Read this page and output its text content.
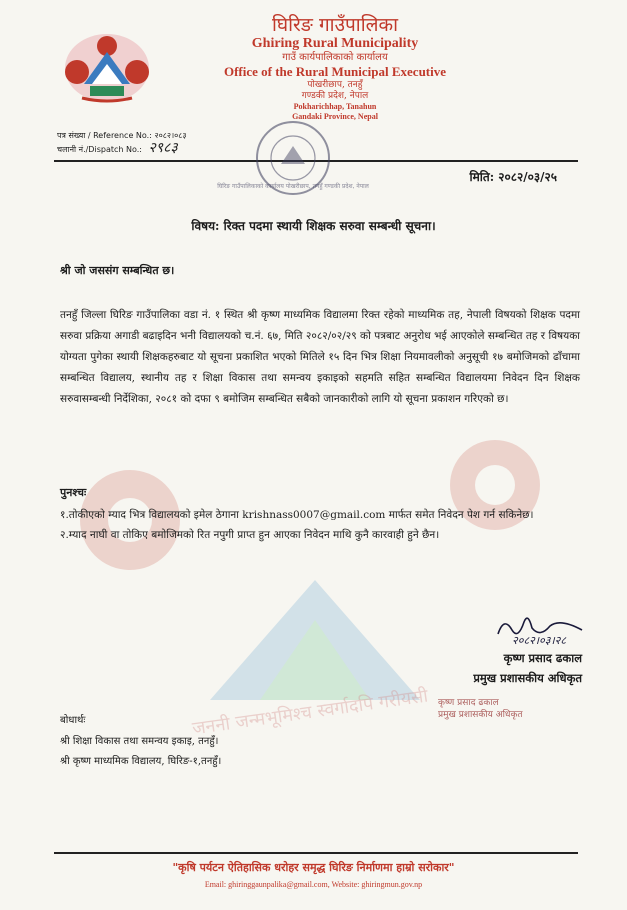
घिरिङ गाउँपालिका
Ghiring Rural Municipality
गाउँ कार्यपालिकाको कार्यालय
Office of the Rural Municipal Executive
पोखरीछाप, तनहुँ
गण्डकी प्रदेश, नेपाल
Pokharichhap, Tanahun
Gandaki Province, Nepal
पत्र संख्या / Reference No.: २०८२।०८३
चलानी नं./Dispatch No.: २९८३
घिरिङ गाउँपालिकाको कार्यालय पोखरीछाप, तनहुँ गण्डकी प्रदेश, नेपाल
मिति: २०८२/०३/२५
विषय: रिक्त पदमा स्थायी शिक्षक सरुवा सम्बन्धी सूचना।
श्री जो जससंग सम्बन्धित छ।
तनहुँ जिल्ला घिरिङ गाउँपालिका वडा नं. १ स्थित श्री कृष्ण माध्यमिक विद्यालमा रिक्त रहेको माध्यमिक तह, नेपाली विषयको शिक्षक पदमा सरुवा प्रक्रिया अगाडी बढाइदिन भनी विद्यालयको च.नं. ६७, मिति २०८२/०२/२९ को पत्रबाट अनुरोध भई आएकोले सम्बन्धित तह र विषयका योग्यता पुगेका स्थायी शिक्षकहरुबाट यो सूचना प्रकाशित भएको मितिले १५ दिन भित्र शिक्षा नियमावलीको अनुसूची १७ बमोजिमको ढाँचामा सम्बन्धित विद्यालय, स्थानीय तह र शिक्षा विकास तथा समन्वय इकाइको सहमति सहित सम्बन्धित विद्यालयमा निवेदन दिन शिक्षक सरुवासम्बन्धी निर्देशिका, २०८१ को दफा ९ बमोजिम सम्बन्धित सबैको जानकारीको लागि यो सूचना प्रकाशन गरिएको छ।
पुनश्चः
१.तोकीएको म्याद भित्र विद्यालयको इमेल ठेगाना krishnass0007@gmail.com मार्फत समेत निवेदन पेश गर्न सकिनेछ।
२.म्याद नाघी वा तोकिए बमोजिमको रित नपुगी प्राप्त हुन आएका निवेदन माथि कुनै कारवाही हुने छैन।
जननी जन्मभूमिश्च स्वर्गादपि गरीयसी
२०८२।०३।२८
कृष्ण प्रसाद ढकाल
प्रमुख प्रशासकीय अधिकृत
कृष्ण प्रसाद ढकाल
प्रमुख प्रशासकीय अधिकृत
बोधार्थः
श्री शिक्षा विकास तथा समन्वय इकाइ, तनहुँ।
श्री कृष्ण माध्यमिक विद्यालय, घिरिङ-१,तनहुँ।
"कृषि पर्यटन ऐतिहासिक धरोहर समृद्ध घिरिङ निर्माणमा हाम्रो सरोकार"
Email: ghiringgaunpalika@gmail.com, Website: ghiringmun.gov.np
